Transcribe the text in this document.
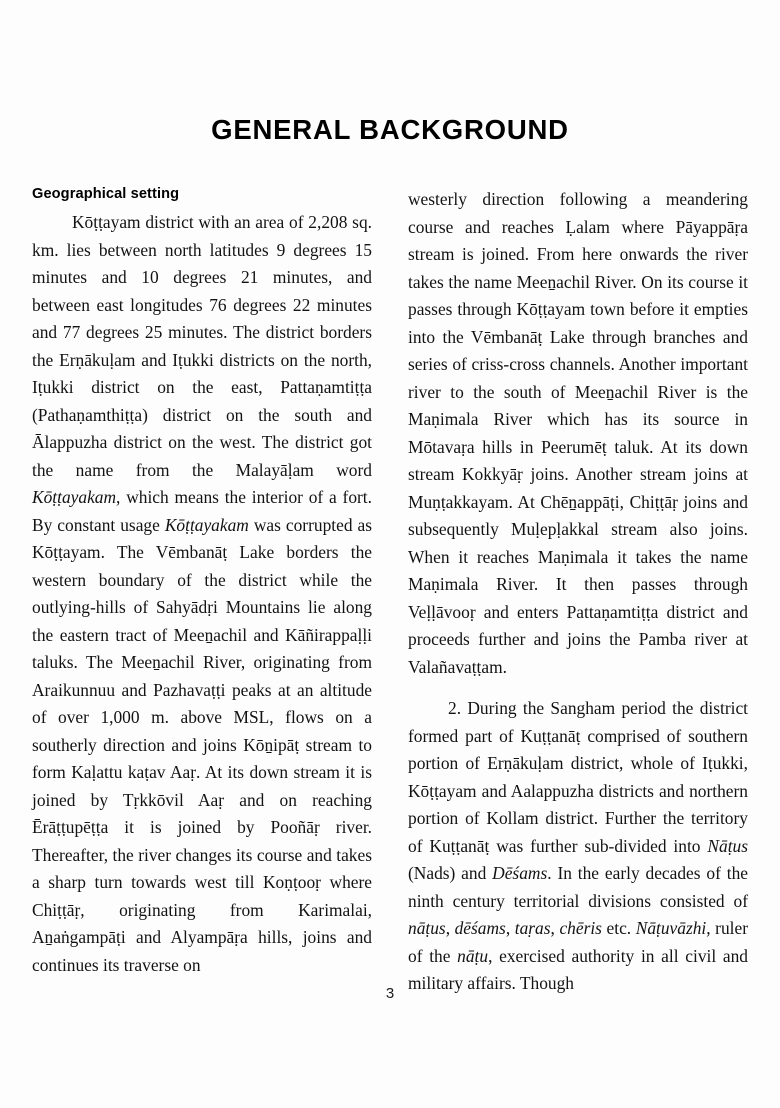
GENERAL BACKGROUND
Geographical setting

Kōṭṭayam district with an area of 2,208 sq. km. lies between north latitudes 9 degrees 15 minutes and 10 degrees 21 minutes, and between east longitudes 76 degrees 22 minutes and 77 degrees 25 minutes. The district borders the Erṇākuḷam and Iṭukki districts on the north, Iṭukki district on the east, Pattaṇamtiṭṭa (Pathaṇamthiṭṭa) district on the south and Ālappuzha district on the west. The district got the name from the Malayāḷam word Kōṭṭayakam, which means the interior of a fort. By constant usage Kōṭṭayakam was corrupted as Kōṭṭayam. The Vēmbanāṭ Lake borders the western boundary of the district while the outlying-hills of Sahyādṛi Mountains lie along the eastern tract of Meeṉachil and Kāñirappaḷḷi taluks. The Meeṉachil River, originating from Araikunnuu and Pazhavaṭṭi peaks at an altitude of over 1,000 m. above MSL, flows on a southerly direction and joins Kōṉipāṭ stream to form Kaḷattu kaṭav Aaṛ. At its down stream it is joined by Tṛkkōvil Aaṛ and on reaching Ērāṭṭupēṭṭa it is joined by Pooñāṛ river. Thereafter, the river changes its course and takes a sharp turn towards west till Koṇṭooṛ where Chiṭṭāṛ, originating from Karimalai, Aṉaṅgampāṭi and Alyampāṛa hills, joins and continues its traverse on

westerly direction following a meandering course and reaches Ḷalam where Pāyappāṛa stream is joined. From here onwards the river takes the name Meeṉachil River. On its course it passes through Kōṭṭayam town before it empties into the Vēmbanāṭ Lake through branches and series of criss-cross channels. Another important river to the south of Meeṉachil River is the Maṇimala River which has its source in Mōtavaṛa hills in Peerumēṭ taluk. At its down stream Kokkyāṛ joins. Another stream joins at Muṇṭakkayam. At Chēṉappāṭi, Chiṭṭāṛ joins and subsequently Muḷepḷakkal stream also joins. When it reaches Maṇimala it takes the name Maṇimala River. It then passes through Veḷḷāvooṛ and enters Pattaṇamtiṭṭa district and proceeds further and joins the Pamba river at Valañavaṭṭam.

2. During the Sangham period the district formed part of Kuṭṭanāṭ comprised of southern portion of Erṇākuḷam district, whole of Iṭukki, Kōṭṭayam and Aalappuzha districts and northern portion of Kollam district. Further the territory of Kuṭṭanāṭ was further sub-divided into Nāṭus (Nads) and Dēśams. In the early decades of the ninth century territorial divisions consisted of nāṭus, dēśams, taṛas, chēris etc. Nāṭuvāzhi, ruler of the nāṭu, exercised authority in all civil and military affairs. Though

3
